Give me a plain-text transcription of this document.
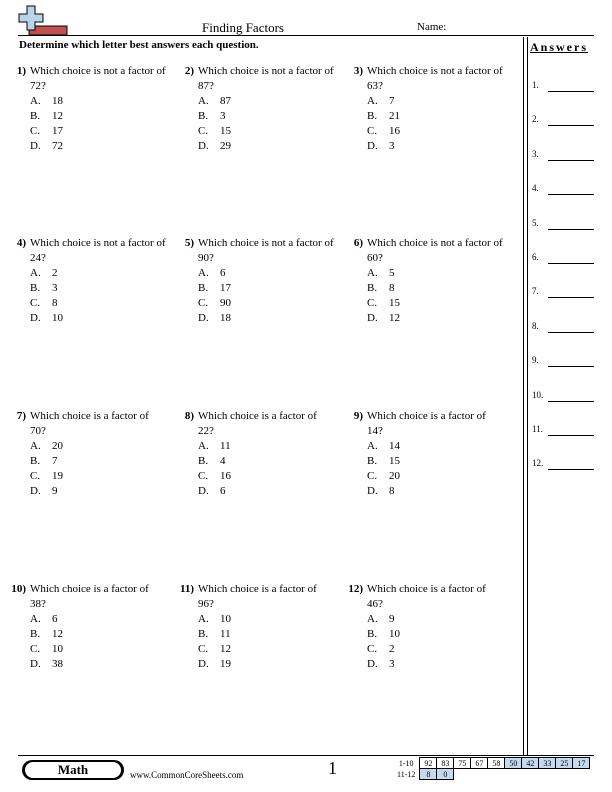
Finding Factors	Name:
Determine which letter best answers each question.	Answers
1.
2.
3.
4.
5.
6.
7.
8.
9.
10.
11.
12.
1) Which choice is not a factor of 72?
A.	18
B.	12
C.	17
D.	72
2) Which choice is not a factor of 87?
A.	87
B.	3
C.	15
D.	29
3) Which choice is not a factor of 63?
A.	7
B.	21
C.	16
D.	3
4) Which choice is not a factor of 24?
A.	2
B.	3
C.	8
D.	10
5) Which choice is not a factor of 90?
A.	6
B.	17
C.	90
D.	18
6) Which choice is not a factor of 60?
A.	5
B.	8
C.	15
D.	12
7) Which choice is a factor of 70?
A.	20
B.	7
C.	19
D.	9
8) Which choice is a factor of 22?
A.	11
B.	4
C.	16
D.	6
9) Which choice is a factor of 14?
A.	14
B.	15
C.	20
D.	8
10) Which choice is a factor of 38?
A.	6
B.	12
C.	10
D.	38
11) Which choice is a factor of 96?
A.	10
B.	11
C.	12
D.	19
12) Which choice is a factor of 46?
A.	9
B.	10
C.	2
D.	3
Math	www.CommonCoreSheets.com	1	1-10	92	83	75	67	58	50	42	33	25	17
11-12	8	0								
